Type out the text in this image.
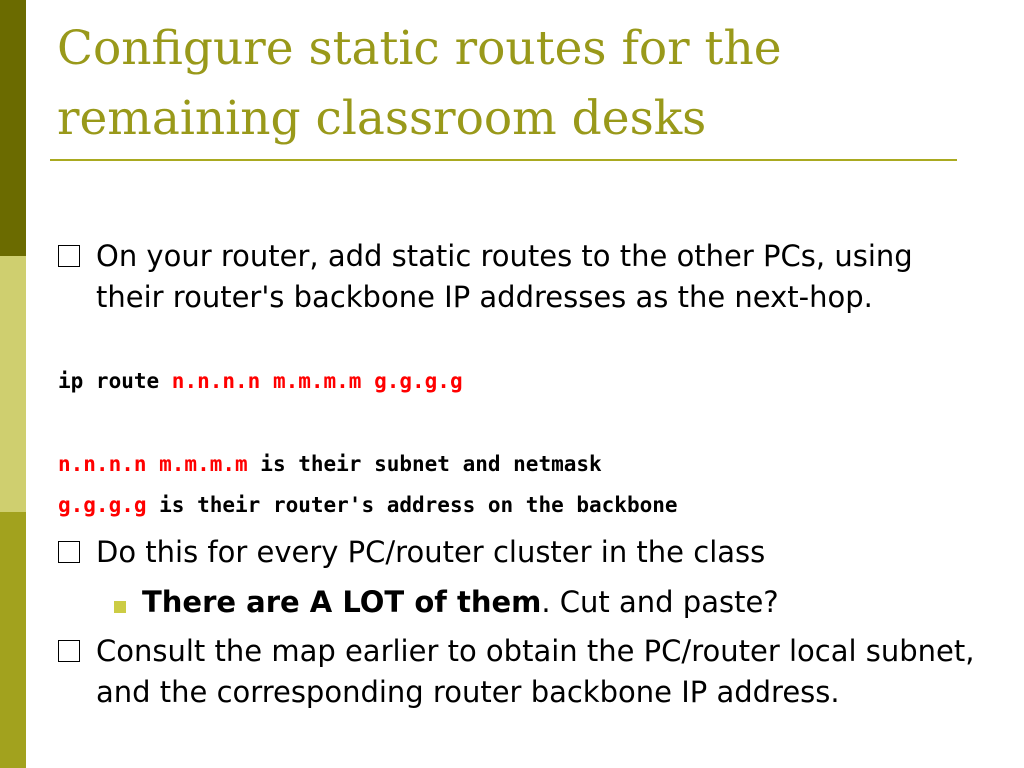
Configure static routes for the remaining classroom desks
On your router, add static routes to the other PCs, using their router's backbone IP addresses as the next-hop.
ip route n.n.n.n m.m.m.m g.g.g.g
n.n.n.n m.m.m.m is their subnet and netmask
g.g.g.g is their router's address on the backbone
Do this for every PC/router cluster in the class
There are A LOT of them. Cut and paste?
Consult the map earlier to obtain the PC/router local subnet, and the corresponding router backbone IP address.
